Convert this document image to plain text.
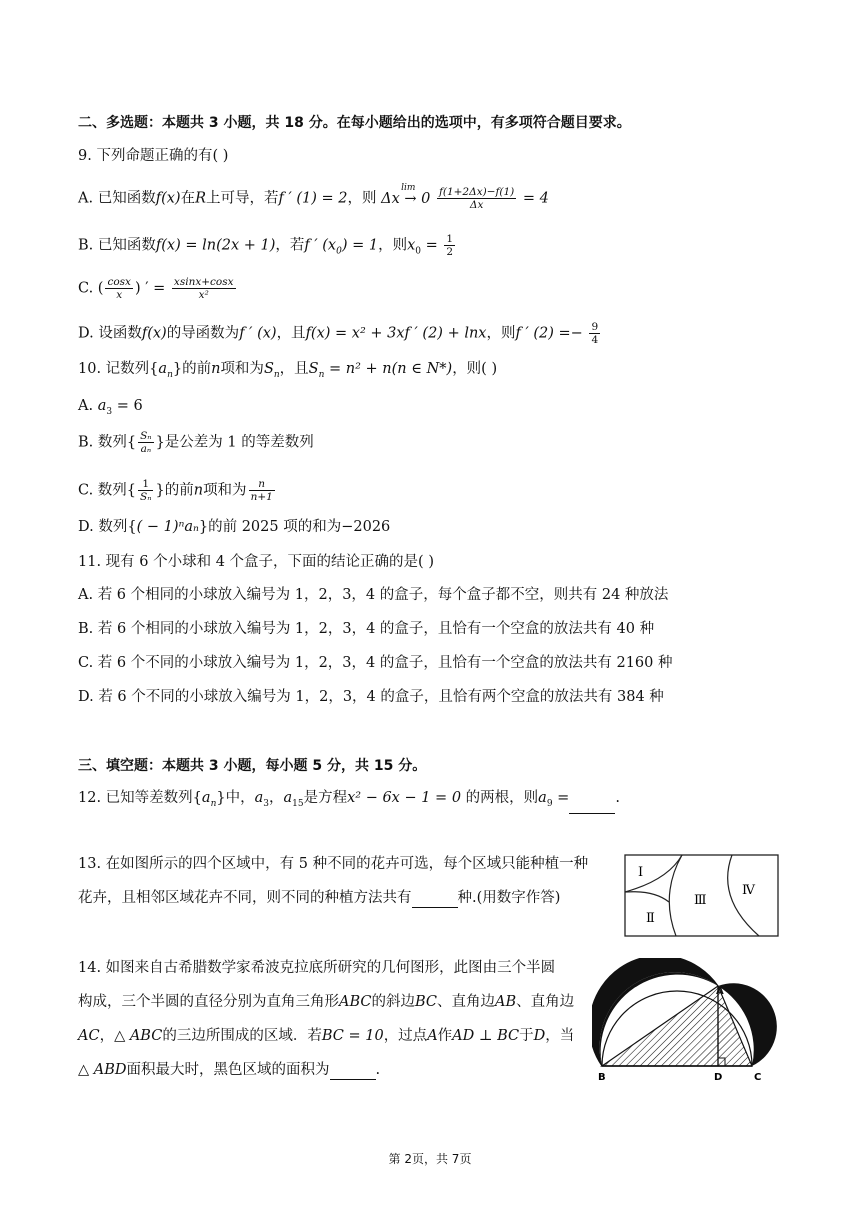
二、多选题：本题共 3 小题，共 18 分。在每小题给出的选项中，有多项符合题目要求。
9. 下列命题正确的有( )
A. 已知函数f(x)在R上可导，若f ′ (1) = 2，则
lim
$\Delta x \to 0 \frac{f(1+2\Delta x)-f(1)}{\Delta x} = 4$
B. 已知函数f(x) = ln(2x + 1)，若f ′ $(x_0) = 1$，则$x_0 = \frac{1}{2}$
C. ( $\frac{\cos x}{x}$ ) ′ = $\frac{xsinx+\cos x}{\text{x²}}$
D. 设函数f(x)的导函数为f ′ (x)，且f(x) = x² + 3xf ′ (2) + lnx，则f ′ $(2) =- \frac{9}{4}$
10. 记数列$\{a_n\}$的前n项和为$S_n$，且$S_n = n^2 + n(n$ ∈ N*)，则( )
A. $a_3 = 6$
B. 数列{ $\frac{\text{Sₙ}}{\text{aₙ}}$ }是公差为 1 的等差数列
C. 数列{ $\frac{1}{\text{Sₙ}}$ }的前n项和为 $\frac{n}{n+1}$
D. 数列{( − 1)ⁿaₙ}的前 2025 项的和为−2026
11. 现有 6 个小球和 4 个盒子，下面的结论正确的是( )
A. 若 6 个相同的小球放入编号为 1，2，3，4 的盒子，每个盒子都不空，则共有 24 种放法
B. 若 6 个相同的小球放入编号为 1，2，3，4 的盒子，且恰有一个空盒的放法共有 40 种
C. 若 6 个不同的小球放入编号为 1，2，3，4 的盒子，且恰有一个空盒的放法共有 2160 种
D. 若 6 个不同的小球放入编号为 1，2，3，4 的盒子，且恰有两个空盒的放法共有 384 种
三、填空题：本题共 3 小题，每小题 5 分，共 15 分。
12. 已知等差数列$\{a_n\}$中，$a_3$，$a_{15}$是方程x² − 6x − 1 = 0 的两根，则$a_9$ =	.
13. 在如图所示的四个区域中，有 5 种不同的花卉可选，每个区域只能种植一种
花卉，且相邻区域花卉不同，则不同的种植方法共有	种.(用数字作答)
Ⅰ
Ⅱ
Ⅲ
Ⅳ
14. 如图来自古希腊数学家希波克拉底所研究的几何图形，此图由三个半圆
构成，三个半圆的直径分别为直角三角形ABC的斜边BC、直角边AB、直角边
AC，△ ABC的三边所围成的区域．若BC = 10，过点A作AD ⊥ BC于D，当
△ ABD面积最大时，黑色区域的面积为	.
A
B	D	C
第 2页，共 7页
